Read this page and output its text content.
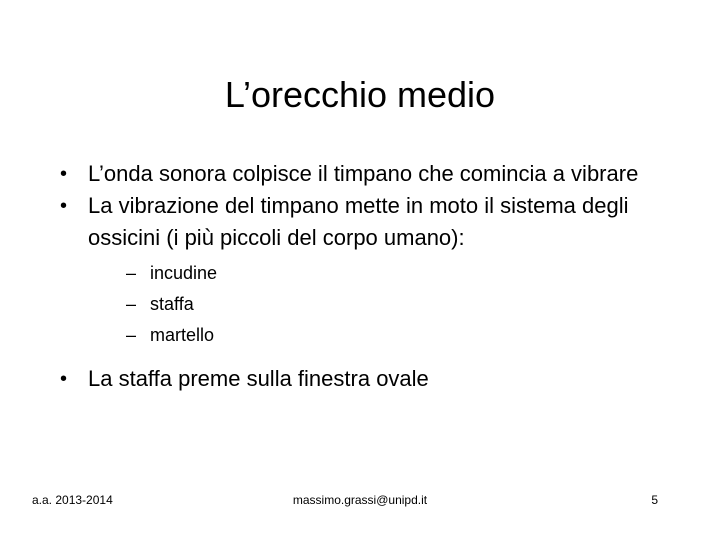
L’orecchio medio
• L’onda sonora colpisce il timpano che comincia a vibrare
• La vibrazione del timpano mette in moto il sistema degli ossicini (i più piccoli del corpo umano):
– incudine
– staffa
– martello
• La staffa preme sulla finestra ovale
massimo.grassi@unipd.it
a.a. 2013-2014	5
